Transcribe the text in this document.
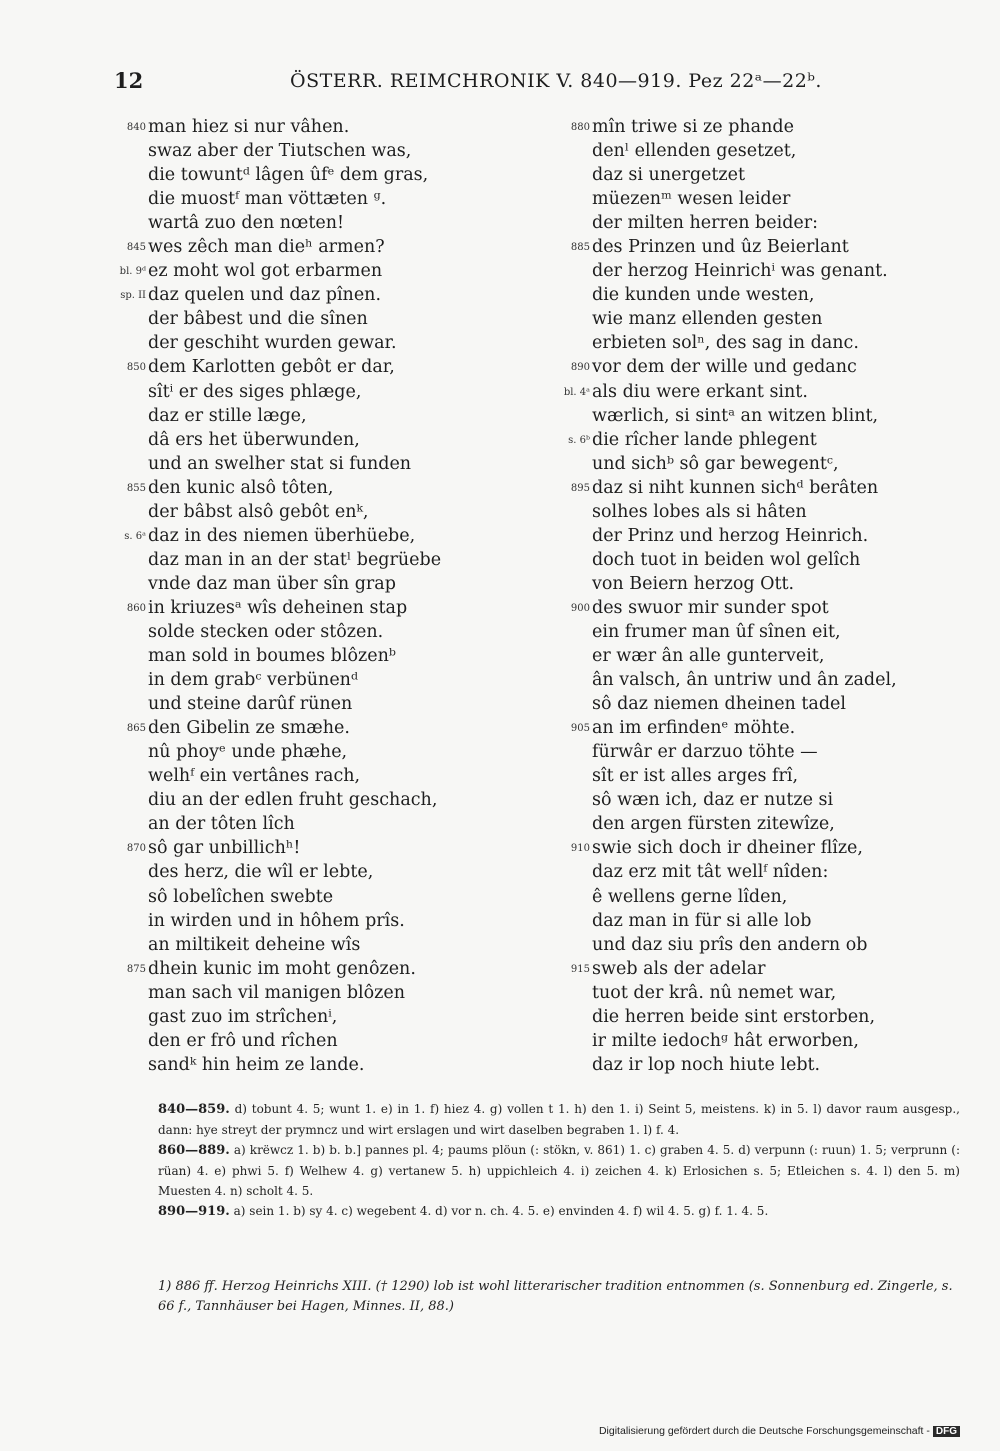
12	ÖSTERR. REIMCHRONIK V. 840—919. Pez 22ᵃ—22ᵇ.
840 man hiez si nur vâhen.
swaz aber der Tiutschen was,
die towuntᵈ lâgen ûfᵉ dem gras,
die muostᶠ man vöttæten ᵍ.
wartâ zuo den nœten!
845 wes zêch man dieʰ armen?
bl. 9ᵈ ez moht wol got erbarmen
sp. II daz quelen und daz pînen.
der bâbest und die sînen
der geschiht wurden gewar.
850 dem Karlotten gebôt er dar,
sîtⁱ er des siges phlæge,
daz er stille læge,
dâ ers het überwunden,
und an swelher stat si funden
855 den kunic alsô tôten,
der bâbst alsô gebôt enᵏ,
s. 6ᵃ daz in des niemen überhüebe,
daz man in an der statˡ begrüebe
vnde daz man über sîn grap
860 in kriuzesᵃ wîs deheinen stap
solde stecken oder stôzen.
man sold in boumes blôzenᵇ
in dem grabᶜ verbünenᵈ
und steine darûf rünen
865 den Gibelin ze smæhe.
nû phoyᵉ unde phæhe,
welhᶠ ein vertânes rach,
diu an der edlen fruht geschach,
an der tôten lîch
870 sô gar unbillichʰ!
des herz, die wîl er lebte,
sô lobelîchen swebte
in wirden und in hôhem prîs.
an miltikeit deheine wîs
875 dhein kunic im moht genôzen.
man sach vil manigen blôzen
gast zuo im strîchenⁱ,
den er frô und rîchen
sandᵏ hin heim ze lande.
880 mîn triwe si ze phande
denˡ ellenden gesetzet,
daz si unergetzet
müezenᵐ wesen leider
der milten herren beider:
885 des Prinzen und ûz Beierlant
der herzog Heinrichⁱ was genant.
die kunden unde westen,
wie manz ellenden gesten
erbieten solⁿ, des sag in danc.
890 vor dem der wille und gedanc
bl. 4ᵃ als diu were erkant sint.
wærlich, si sintᵃ an witzen blint,
s. 6ᵇ die rîcher lande phlegent
und sichᵇ sô gar bewegentᶜ,
895 daz si niht kunnen sichᵈ berâten
solhes lobes als si hâten
der Prinz und herzog Heinrich.
doch tuot in beiden wol gelîch
von Beiern herzog Ott.
900 des swuor mir sunder spot
ein frumer man ûf sînen eit,
er wær ân alle gunterveit,
ân valsch, ân untriw und ân zadel,
sô daz niemen dheinen tadel
905 an im erfindenᵉ möhte.
fürwâr er darzuo töhte —
sît er ist alles arges frî,
sô wæn ich, daz er nutze si
den argen fürsten zitewîze,
910 swie sich doch ir dheiner flîze,
daz erz mit tât wellᶠ nîden:
ê wellens gerne lîden,
daz man in für si alle lob
und daz siu prîs den andern ob
915 sweb als der adelar
tuot der krâ. nû nemet war,
die herren beide sint erstorben,
ir milte iedochᵍ hât erworben,
daz ir lop noch hiute lebt.

840—859. d) tobunt 4. 5; wunt 1. e) in 1. f) hiez 4. g) vollen t 1. h) den 1. i) Seint 5, meistens. k) in 5. l) davor raum ausgesp., dann: hye streyt der prymncz und wirt erslagen und wirt daselben begraben 1. l) f. 4.

860—889. a) krëwcz 1. b) b. b.] pannes pl. 4; paums plöun (: stökn, v. 861) 1. c) graben 4. 5. d) verpunn (: ruun) 1. 5; verprunn (: rüan) 4. e) phwi 5. f) Welhew 4. g) vertanew 5. h) uppichleich 4. i) zeichen 4. k) Erlosichen s. 5; Etleichen s. 4. l) den 5. m) Muesten 4. n) scholt 4. 5.

890—919. a) sein 1. b) sy 4. c) wegebent 4. d) vor n. ch. 4. 5. e) envinden 4. f) wil 4. 5. g) f. 1. 4. 5.

1) 886 ff. Herzog Heinrichs XIII. († 1290) lob ist wohl litterarischer tradition entnommen (s. Sonnenburg ed. Zingerle, s. 66 f., Tannhäuser bei Hagen, Minnes. II, 88.)

Digitalisierung gefördert durch die Deutsche Forschungsgemeinschaft - DFG
